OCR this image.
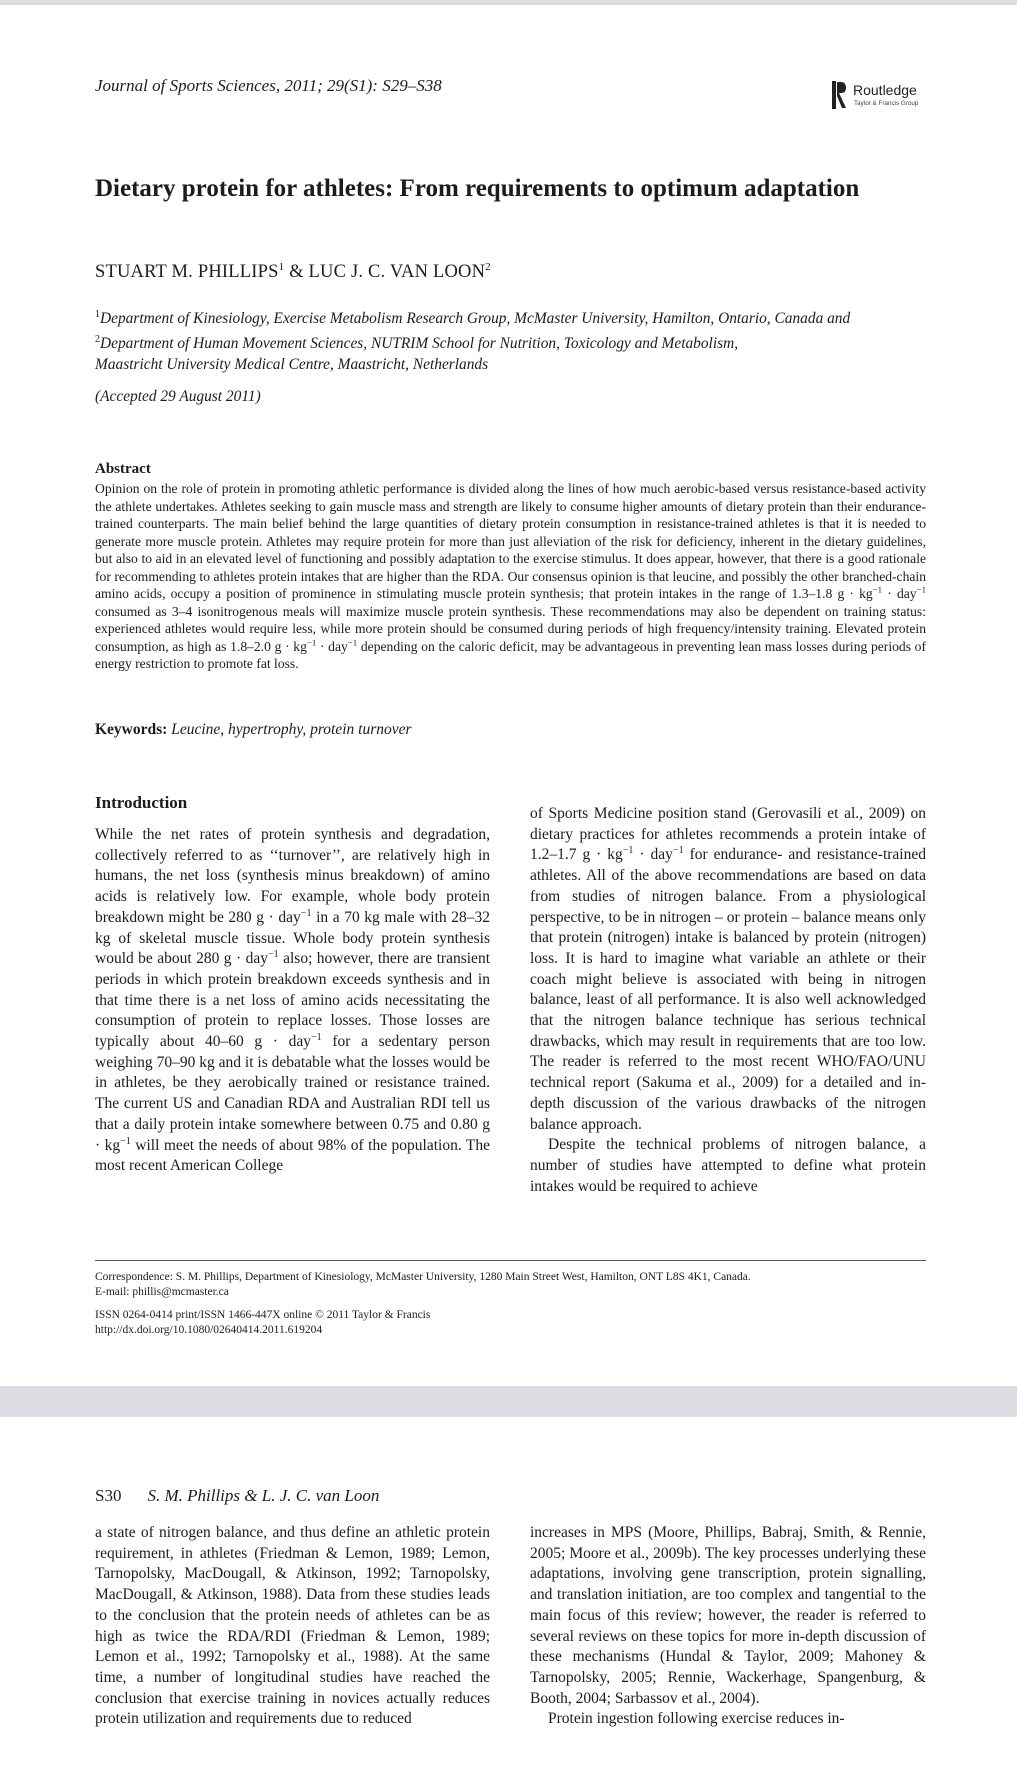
Journal of Sports Sciences, 2011; 29(S1): S29–S38	Routledge
Taylor & Francis Group
Dietary protein for athletes: From requirements to optimum adaptation
STUART M. PHILLIPS$^1$ & LUC J. C. VAN LOON$^2$
$^1$Department of Kinesiology, Exercise Metabolism Research Group, McMaster University, Hamilton, Ontario, Canada and
$^2$Department of Human Movement Sciences, NUTRIM School for Nutrition, Toxicology and Metabolism,
Maastricht University Medical Centre, Maastricht, Netherlands
(Accepted 29 August 2011)
Abstract
Opinion on the role of protein in promoting athletic performance is divided along the lines of how much aerobic-based versus resistance-based activity the athlete undertakes. Athletes seeking to gain muscle mass and strength are likely to consume higher amounts of dietary protein than their endurance-trained counterparts. The main belief behind the large quantities of dietary protein consumption in resistance-trained athletes is that it is needed to generate more muscle protein. Athletes may require protein for more than just alleviation of the risk for deficiency, inherent in the dietary guidelines, but also to aid in an elevated level of functioning and possibly adaptation to the exercise stimulus. It does appear, however, that there is a good rationale for recommending to athletes protein intakes that are higher than the RDA. Our consensus opinion is that leucine, and possibly the other branched-chain amino acids, occupy a position of prominence in stimulating muscle protein synthesis; that protein intakes in the range of 1.3–1.8 $g \cdot kg^{-1} \cdot day^{-1}$ consumed as 3–4 isonitrogenous meals will maximize muscle protein synthesis. These recommendations may also be dependent on training status: experienced athletes would require less, while more protein should be consumed during periods of high frequency/intensity training. Elevated protein consumption, as high as 1.8–2.0 $g \cdot kg^{-1} \cdot day^{-1}$ depending on the caloric deficit, may be advantageous in preventing lean mass losses during periods of energy restriction to promote fat loss.
Keywords: Leucine, hypertrophy, protein turnover
Introduction
While the net rates of protein synthesis and degradation, collectively referred to as ‘‘turnover’’, are relatively high in humans, the net loss (synthesis minus breakdown) of amino acids is relatively low. For example, whole body protein breakdown might be 280 g · day$^{-1}$ in a 70 kg male with 28–32 kg of skeletal muscle tissue. Whole body protein synthesis would be about 280 g · day$^{-1}$ also; however, there are transient periods in which protein breakdown exceeds synthesis and in that time there is a net loss of amino acids necessitating the consumption of protein to replace losses. Those losses are typically about 40–60 g · day$^{-1}$ for a sedentary person weighing 70–90 kg and it is debatable what the losses would be in athletes, be they aerobically trained or resistance trained. The current US and Canadian RDA and Australian RDI tell us that a daily protein intake somewhere between 0.75 and 0.80 $g \cdot kg^{-1}$ will meet the needs of about 98% of the population. The most recent American College
of Sports Medicine position stand (Gerovasili et al., 2009) on dietary practices for athletes recommends a protein intake of 1.2–1.7 $g \cdot kg^{-1} \cdot day^{-1}$ for endurance- and resistance-trained athletes. All of the above recommendations are based on data from studies of nitrogen balance. From a physiological perspective, to be in nitrogen – or protein – balance means only that protein (nitrogen) intake is balanced by protein (nitrogen) loss. It is hard to imagine what variable an athlete or their coach might believe is associated with being in nitrogen balance, least of all performance. It is also well acknowledged that the nitrogen balance technique has serious technical drawbacks, which may result in requirements that are too low. The reader is referred to the most recent WHO/FAO/UNU technical report (Sakuma et al., 2009) for a detailed and in-depth discussion of the various drawbacks of the nitrogen balance approach.
Despite the technical problems of nitrogen balance, a number of studies have attempted to define what protein intakes would be required to achieve
Correspondence: S. M. Phillips, Department of Kinesiology, McMaster University, 1280 Main Street West, Hamilton, ONT L8S 4K1, Canada.
E-mail: phillis@mcmaster.ca
ISSN 0264-0414 print/ISSN 1466-447X online © 2011 Taylor & Francis
http://dx.doi.org/10.1080/02640414.2011.619204
S30 S. M. Phillips & L. J. C. van Loon
a state of nitrogen balance, and thus define an athletic protein requirement, in athletes (Friedman & Lemon, 1989; Lemon, Tarnopolsky, MacDougall, & Atkinson, 1992; Tarnopolsky, MacDougall, & Atkinson, 1988). Data from these studies leads to the conclusion that the protein needs of athletes can be as high as twice the RDA/RDI (Friedman & Lemon, 1989; Lemon et al., 1992; Tarnopolsky et al., 1988). At the same time, a number of longitudinal studies have reached the conclusion that exercise training in novices actually reduces protein utilization and requirements due to reduced
increases in MPS (Moore, Phillips, Babraj, Smith, & Rennie, 2005; Moore et al., 2009b). The key processes underlying these adaptations, involving gene transcription, protein signalling, and translation initiation, are too complex and tangential to the main focus of this review; however, the reader is referred to several reviews on these topics for more in-depth discussion of these mechanisms (Hundal & Taylor, 2009; Mahoney & Tarnopolsky, 2005; Rennie, Wackerhage, Spangenburg, & Booth, 2004; Sarbassov et al., 2004).
Protein ingestion following exercise reduces in-
